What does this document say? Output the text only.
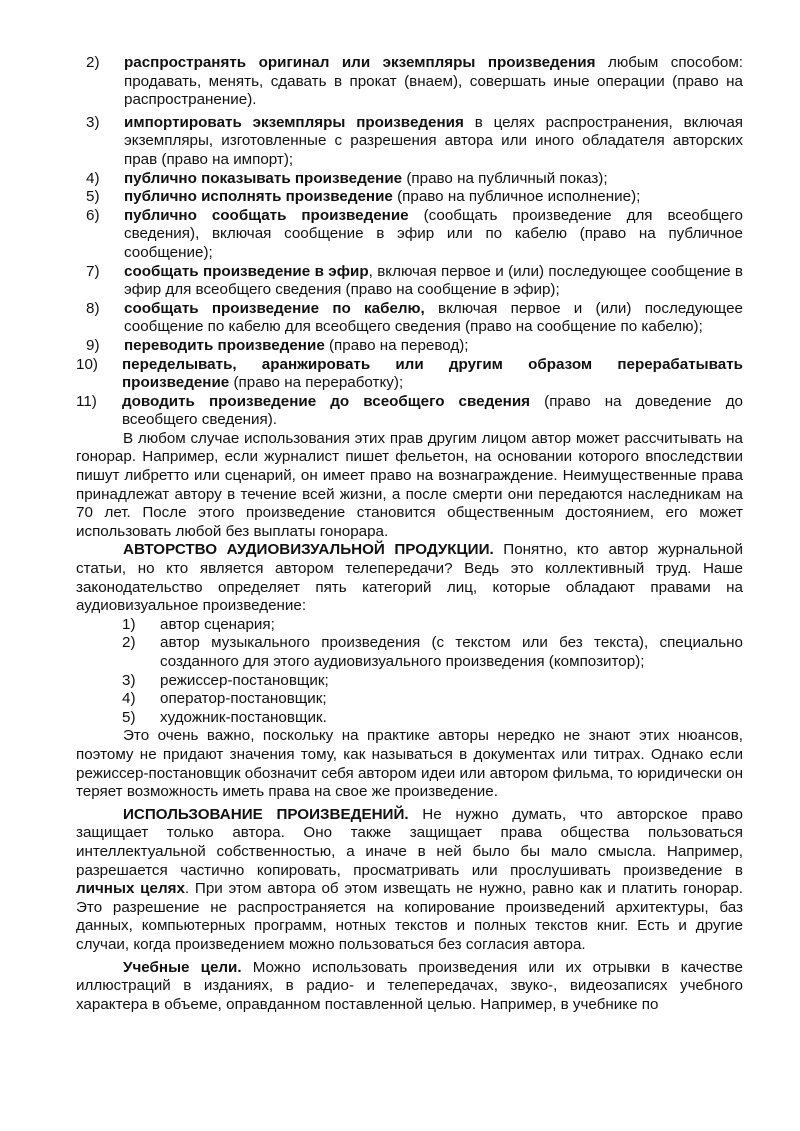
2)	распространять оригинал или экземпляры произведения любым способом: продавать, менять, сдавать в прокат (внаем), совершать иные операции (право на распространение).
3)	импортировать экземпляры произведения в целях распространения, включая экземпляры, изготовленные с разрешения автора или иного обладателя авторских прав (право на импорт);
4)	публично показывать произведение (право на публичный показ);
5)	публично исполнять произведение (право на публичное исполнение);
6)	публично сообщать произведение (сообщать произведение для всеобщего сведения), включая сообщение в эфир или по кабелю (право на публичное сообщение);
7)	сообщать произведение в эфир, включая первое и (или) последующее сообщение в эфир для всеобщего сведения (право на сообщение в эфир);
8)	сообщать произведение по кабелю, включая первое и (или) последующее сообщение по кабелю для всеобщего сведения (право на сообщение по кабелю);
9)	переводить произведение (право на перевод);
10)	переделывать, аранжировать или другим образом перерабатывать произведение (право на переработку);
11)	доводить произведение до всеобщего сведения (право на доведение до всеобщего сведения).

В любом случае использования этих прав другим лицом автор может рассчитывать на гонорар. Например, если журналист пишет фельетон, на основании которого впоследствии пишут либретто или сценарий, он имеет право на вознаграждение. Неимущественные права принадлежат автору в течение всей жизни, а после смерти они передаются наследникам на 70 лет. После этого произведение становится общественным достоянием, его может использовать любой без выплаты гонорара.

АВТОРСТВО АУДИОВИЗУАЛЬНОЙ ПРОДУКЦИИ. Понятно, кто автор журнальной статьи, но кто является автором телепередачи? Ведь это коллективный труд. Наше законодательство определяет пять категорий лиц, которые обладают правами на аудиовизуальное произведение:

1)	автор сценария;
2)	автор музыкального произведения (с текстом или без текста), специально созданного для этого аудиовизуального произведения (композитор);
3)	режиссер-постановщик;
4)	оператор-постановщик;
5)	художник-постановщик.

Это очень важно, поскольку на практике авторы нередко не знают этих нюансов, поэтому не придают значения тому, как называться в документах или титрах. Однако если режиссер-постановщик обозначит себя автором идеи или автором фильма, то юридически он теряет возможность иметь права на свое же произведение.

ИСПОЛЬЗОВАНИЕ ПРОИЗВЕДЕНИЙ. Не нужно думать, что авторское право защищает только автора. Оно также защищает права общества пользоваться интеллектуальной собственностью, а иначе в ней было бы мало смысла. Например, разрешается частично копировать, просматривать или прослушивать произведение в личных целях. При этом автора об этом извещать не нужно, равно как и платить гонорар. Это разрешение не распространяется на копирование произведений архитектуры, баз данных, компьютерных программ, нотных текстов и полных текстов книг. Есть и другие случаи, когда произведением можно пользоваться без согласия автора.

Учебные цели. Можно использовать произведения или их отрывки в качестве иллюстраций в изданиях, в радио- и телепередачах, звуко-, видеозаписях учебного характера в объеме, оправданном поставленной целью. Например, в учебнике по
